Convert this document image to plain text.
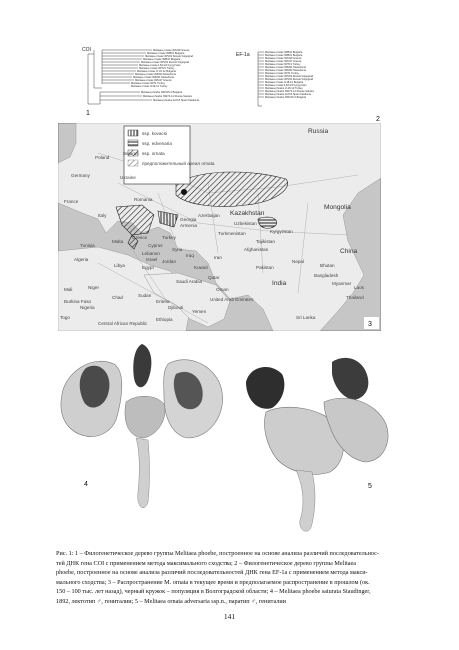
COI	Melitaea ornata ORG99 Greece
Melitaea ornata ORB01 Bulgaria
Melitaea ornata ORV03 Russia Volgograd
Melitaea ornata ORB10 Bulgaria
Melitaea ornata ORV02 Russia Volgograd
Melitaea ornata A.6/11/4 Kyrgyzstan
Melitaea ornata ORT21 Turkey
Melitaea ornata JL 18-12 Bulgaria
Melitaea ornata ORM42 Macedonia
Melitaea ornata ORM41 Macedonia
Melitaea ornata ORG37 Greece
Melitaea ornata ORT1 Turkey
Melitaea ornata JL19-12 Turkey
Melitaea phoebe NW125-3 Bulgaria
Melitaea phoebe NW74-14 Russia Saratov
Melitaea phoebe AC6-8 Spain Kataloniа
1
EF-1a	Melitaea ornata ORB10 Bulgaria
Melitaea ornata ORB01 Bulgaria
Melitaea ornata ORG99 Greece
Melitaea ornata ORG37 Greece
Melitaea ornata ORT21 Turkey
Melitaea ornata ORM41 Macedonia
Melitaea ornata ORM42 Macedonia
Melitaea ornata ORT1 Turkey
Melitaea ornata ORV03 Russia Volgograd
Melitaea ornata ORV02 Russia Volgograd
Melitaea ornata JL18-12 Bulgaria
Melitaea ornata A.6/11/4 Kyrgyzstan
Melitaea phoebe JL18-12 Turkey
Melitaea phoebe NW74-14 Russia Saratov
Melitaea phoebe AC6-8 Spain Katalonia
Melitaea phoebe NW125-3 Bulgaria
2
ssp. kovacsi
ssp. edvenaria
ssp. ornata
предположительный ареал ornata
Russia
Poland
Belarus
Germany	Ukraine
Kazakhstan
Mongolia
France
Italy
Romania
Georgia
Armenia
Azerbaijan
Uzbekistan
Kyrgyzstan
Turkmenistan
Tajikistan
Turkey
Syria
Iraq	Iran
Afghanistan
Pakistan
China
Greece
Cyprus
Lebanon
Israel Jordan
Kuwait
Malta
Libya	Egypt
Saudi Arabia
Qatar
Oman
United Arab Emirates
India
Nepal
Bhutan
Bangladesh
Myanmar
Thailand
Laos
Sri Lanka
Tunisia
Algeria
Mali	Niger
Chad	Sudan
Nigeria
Togo
Central African Republic
Ethiopia
Djibouti
Eritrea
Yemen
Burkina Faso
3
4	5
Рис. 1: 1 – Филогенетическое дерево группы Melitaea phoebe, построенное на основе анализа различий последовательнос-
тей ДНК гена COI с применением метода максимального сходства; 2 – Филогенетическое дерево группы Melitaea
phoebe, построенное на основе анализа различий последовательностей ДНК гена EF-1a с применением метода макси-
мального сходства; 3 – Распространение M. ornata в текущее время и предполагаемое распространение в прошлом (ок.
150 – 100 тыс. лет назад), черный кружок – популяция в Волгоградской области; 4 – Melitaea phoebe saturata Staudinger,
1892, лектотип ♂, гениталии; 5 – Melitaea ornata adversaria ssp.n., паратип ♂, гениталии
141
